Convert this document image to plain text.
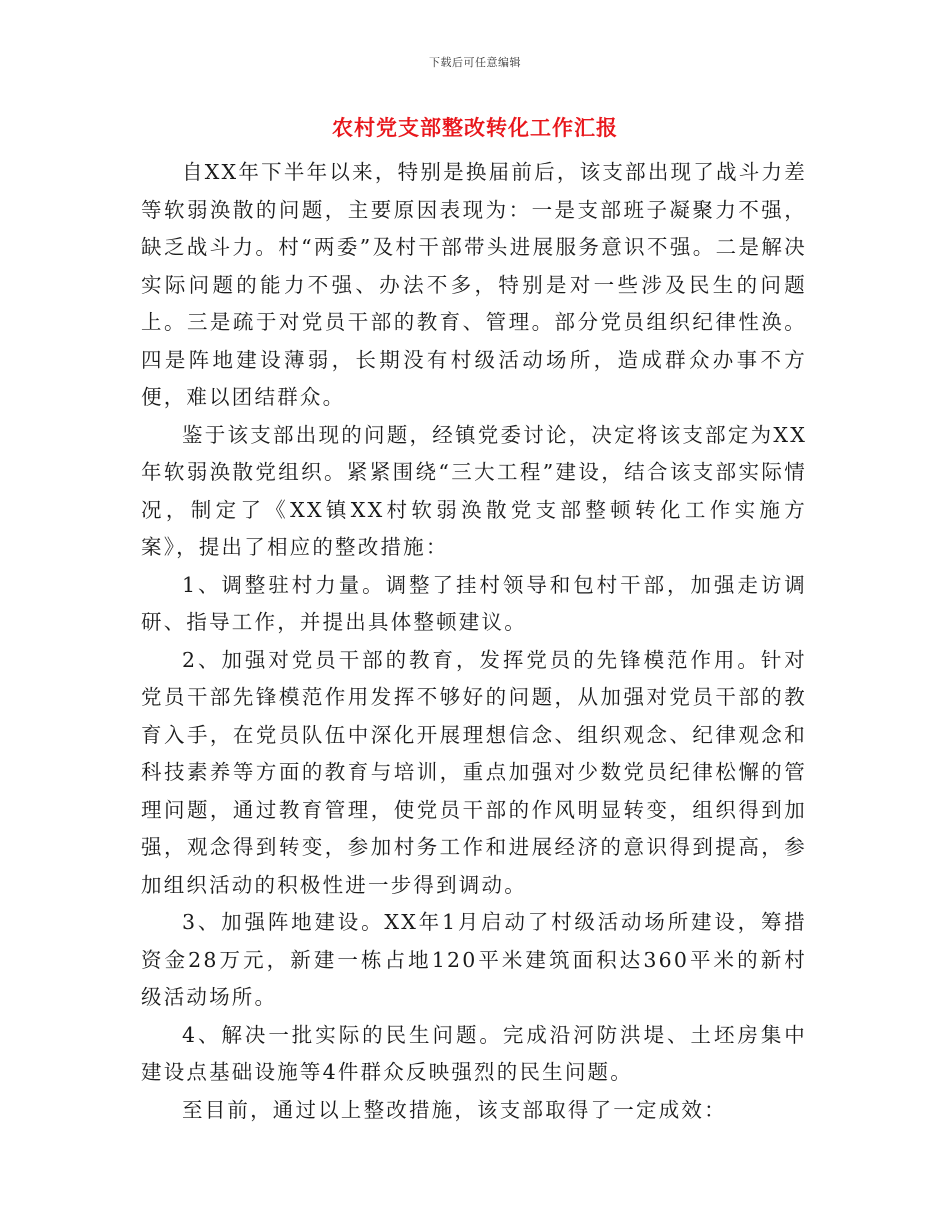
下载后可任意编辑
农村党支部整改转化工作汇报

自XX年下半年以来，特别是换届前后，该支部出现了战斗力差等软弱涣散的问题，主要原因表现为：一是支部班子凝聚力不强，缺乏战斗力。村“两委”及村干部带头进展服务意识不强。二是解决实际问题的能力不强、办法不多，特别是对一些涉及民生的问题上。三是疏于对党员干部的教育、管理。部分党员组织纪律性涣。四是阵地建设薄弱，长期没有村级活动场所，造成群众办事不方便，难以团结群众。

鉴于该支部出现的问题，经镇党委讨论，决定将该支部定为XX年软弱涣散党组织。紧紧围绕“三大工程”建设，结合该支部实际情况，制定了《XX镇XX村软弱涣散党支部整顿转化工作实施方案》，提出了相应的整改措施：

1、调整驻村力量。调整了挂村领导和包村干部，加强走访调研、指导工作，并提出具体整顿建议。

2、加强对党员干部的教育，发挥党员的先锋模范作用。针对党员干部先锋模范作用发挥不够好的问题，从加强对党员干部的教育入手，在党员队伍中深化开展理想信念、组织观念、纪律观念和科技素养等方面的教育与培训，重点加强对少数党员纪律松懈的管理问题，通过教育管理，使党员干部的作风明显转变，组织得到加强，观念得到转变，参加村务工作和进展经济的意识得到提高，参加组织活动的积极性进一步得到调动。

3、加强阵地建设。XX年1月启动了村级活动场所建设，筹措资金28万元，新建一栋占地120平米建筑面积达360平米的新村级活动场所。

4、解决一批实际的民生问题。完成沿河防洪堤、土坯房集中建设点基础设施等4件群众反映强烈的民生问题。

至目前，通过以上整改措施，该支部取得了一定成效：
